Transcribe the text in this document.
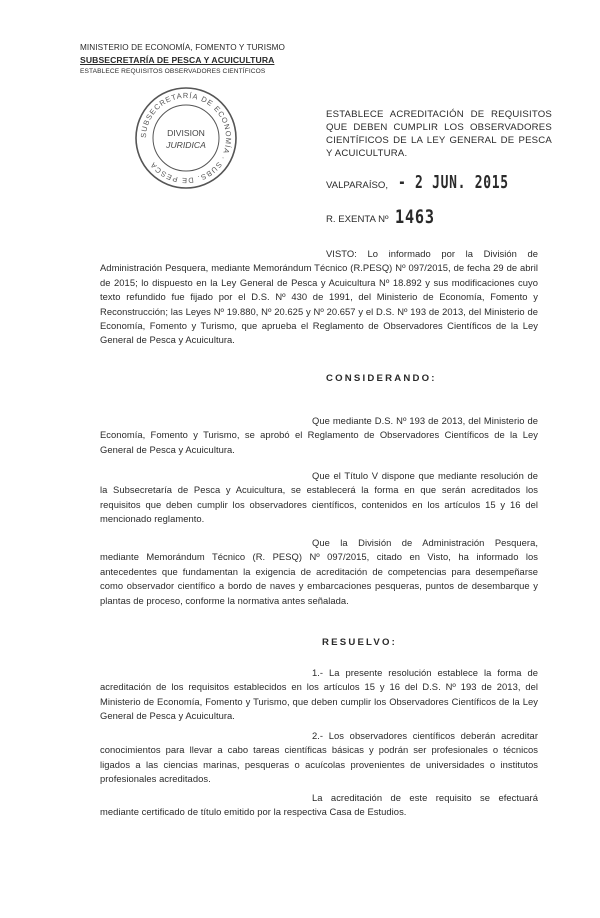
MINISTERIO DE ECONOMÍA, FOMENTO Y TURISMO
SUBSECRETARÍA DE PESCA Y ACUICULTURA
ESTABLECE REQUISITOS OBSERVADORES CIENTÍFICOS
SUBSECRETARÍA DE ECONOMÍA · SUBS. DE PESCA
DIVISION
JURIDICA
ESTABLECE ACREDITACIÓN DE REQUISITOS QUE DEBEN CUMPLIR LOS OBSERVADORES CIENTÍFICOS DE LA LEY GENERAL DE PESCA Y ACUICULTURA.
VALPARAÍSO, - 2 JUN. 2015
R. EXENTA Nº 1463
VISTO: Lo informado por la División de Administración Pesquera, mediante Memorándum Técnico (R.PESQ) Nº 097/2015, de fecha 29 de abril de 2015; lo dispuesto en la Ley General de Pesca y Acuicultura Nº 18.892 y sus modificaciones cuyo texto refundido fue fijado por el D.S. Nº 430 de 1991, del Ministerio de Economía, Fomento y Reconstrucción; las Leyes Nº 19.880, Nº 20.625 y Nº 20.657 y el D.S. Nº 193 de 2013, del Ministerio de Economía, Fomento y Turismo, que aprueba el Reglamento de Observadores Científicos de la Ley General de Pesca y Acuicultura.
CONSIDERANDO:
Que mediante D.S. Nº 193 de 2013, del Ministerio de Economía, Fomento y Turismo, se aprobó el Reglamento de Observadores Científicos de la Ley General de Pesca y Acuicultura.
Que el Título V dispone que mediante resolución de la Subsecretaría de Pesca y Acuicultura, se establecerá la forma en que serán acreditados los requisitos que deben cumplir los observadores científicos, contenidos en los artículos 15 y 16 del mencionado reglamento.
Que la División de Administración Pesquera, mediante Memorándum Técnico (R. PESQ) Nº 097/2015, citado en Visto, ha informado los antecedentes que fundamentan la exigencia de acreditación de competencias para desempeñarse como observador científico a bordo de naves y embarcaciones pesqueras, puntos de desembarque y plantas de proceso, conforme la normativa antes señalada.
RESUELVO:
1.- La presente resolución establece la forma de acreditación de los requisitos establecidos en los artículos 15 y 16 del D.S. Nº 193 de 2013, del Ministerio de Economía, Fomento y Turismo, que deben cumplir los Observadores Científicos de la Ley General de Pesca y Acuicultura.
2.- Los observadores científicos deberán acreditar conocimientos para llevar a cabo tareas científicas básicas y podrán ser profesionales o técnicos ligados a las ciencias marinas, pesqueras o acuícolas provenientes de universidades o institutos profesionales acreditados.
La acreditación de este requisito se efectuará mediante certificado de título emitido por la respectiva Casa de Estudios.
